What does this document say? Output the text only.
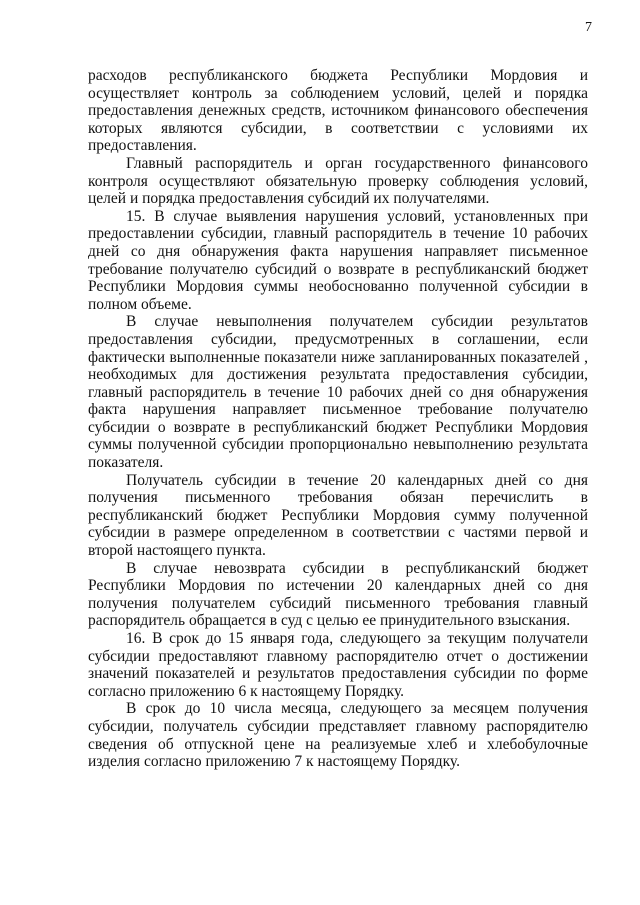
7

расходов республиканского бюджета Республики Мордовия и осуществляет контроль за соблюдением условий, целей и порядка предоставления денежных средств, источником финансового обеспечения которых являются субсидии, в соответствии с условиями их предоставления.

Главный распорядитель и орган государственного финансового контроля осуществляют обязательную проверку соблюдения условий, целей и порядка предоставления субсидий их получателями.

15. В случае выявления нарушения условий, установленных при предоставлении субсидии, главный распорядитель в течение 10 рабочих дней со дня обнаружения факта нарушения направляет письменное требование получателю субсидий о возврате в республиканский бюджет Республики Мордовия суммы необоснованно полученной субсидии в полном объеме.

В случае невыполнения получателем субсидии результатов предоставления субсидии, предусмотренных в соглашении, если фактически выполненные показатели ниже запланированных показателей , необходимых для достижения результата предоставления субсидии, главный распорядитель в течение 10 рабочих дней со дня обнаружения факта нарушения направляет письменное требование получателю субсидии о возврате в республиканский бюджет Республики Мордовия суммы полученной субсидии пропорционально невыполнению результата показателя.

Получатель субсидии в течение 20 календарных дней со дня получения письменного требования обязан перечислить в республиканский бюджет Республики Мордовия сумму полученной субсидии в размере определенном в соответствии с частями первой и второй настоящего пункта.

В случае невозврата субсидии в республиканский бюджет Республики Мордовия по истечении 20 календарных дней со дня получения получателем субсидий письменного требования главный распорядитель обращается в суд с целью ее принудительного взыскания.

16. В срок до 15 января года, следующего за текущим получатели субсидии предоставляют главному распорядителю отчет о достижении значений показателей и результатов предоставления субсидии по форме согласно приложению 6 к настоящему Порядку.

В срок до 10 числа месяца, следующего за месяцем получения субсидии, получатель субсидии представляет главному распорядителю сведения об отпускной цене на реализуемые хлеб и хлебобулочные изделия согласно приложению 7 к настоящему Порядку.
